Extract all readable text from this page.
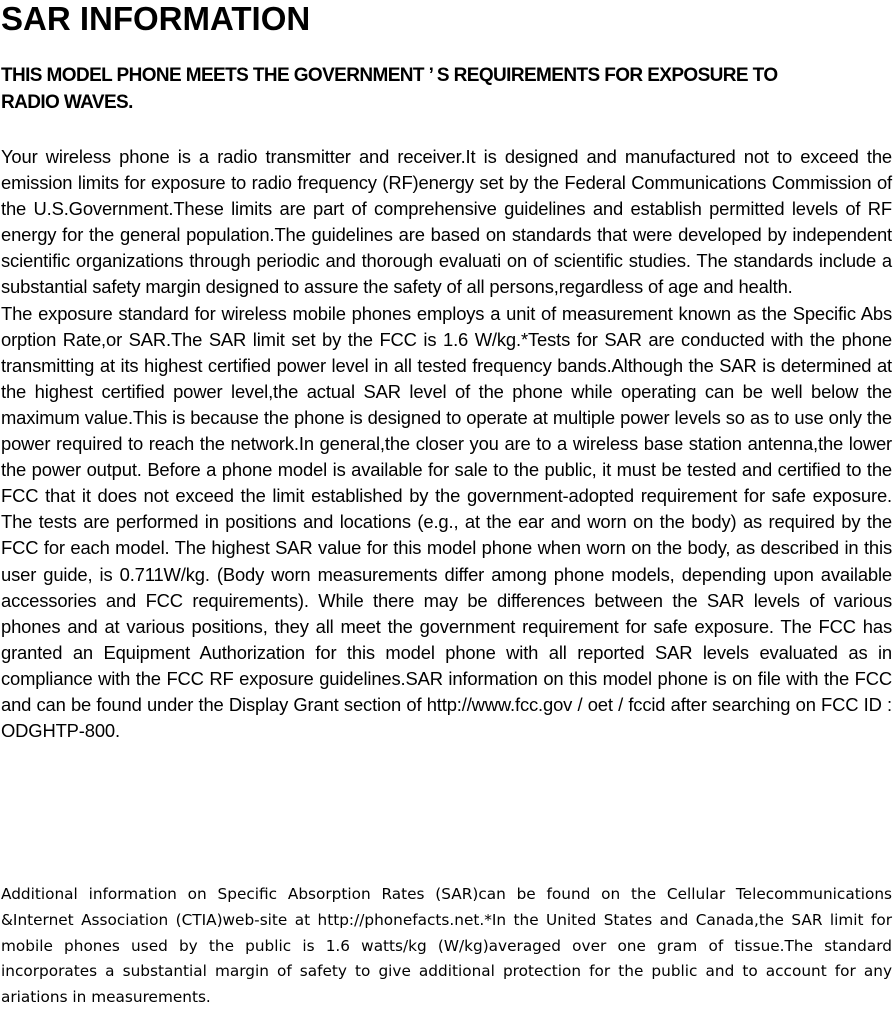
SAR INFORMATION
THIS MODEL PHONE MEETS THE GOVERNMENT ’ S REQUIREMENTS FOR EXPOSURE TO RADIO WAVES.

Your wireless phone is a radio transmitter and receiver.It is designed and manufactured not to exceed the emission limits for exposure to radio frequency (RF)energy set by the Federal Communications Commission of the U.S.Government.These limits are part of comprehensive guidelines and establish permitted levels of RF energy for the general population.The guidelines are based on standards that were developed by independent scientific organizations through periodic and thorough evaluati on of scientific studies. The standards include a substantial safety margin designed to assure the safety of all persons,regardless of age and health.

The exposure standard for wireless mobile phones employs a unit of measurement known as the Specific Abs orption Rate,or SAR.The SAR limit set by the FCC is 1.6 W/kg.*Tests for SAR are conducted with the phone transmitting at its highest certified power level in all tested frequency bands.Although the SAR is determined at the highest certified power level,the actual SAR level of the phone while operating can be well below the maximum value.This is because the phone is designed to operate at multiple power levels so as to use only the power required to reach the network.In general,the closer you are to a wireless base station antenna,the lower the power output. Before a phone model is available for sale to the public, it must be tested and certified to the FCC that it does not exceed the limit established by the government-adopted requirement for safe exposure. The tests are performed in positions and locations (e.g., at the ear and worn on the body) as required by the FCC for each model. The highest SAR value for this model phone when worn on the body, as described in this user guide, is 0.711W/kg. (Body worn measurements differ among phone models, depending upon available accessories and FCC requirements). While there may be differences between the SAR levels of various phones and at various positions, they all meet the government requirement for safe exposure. The FCC has granted an Equipment Authorization for this model phone with all reported SAR levels evaluated as in compliance with the FCC RF exposure guidelines.SAR information on this model phone is on file with the FCC and can be found under the Display Grant section of http://www.fcc.gov / oet / fccid after searching on FCC ID : ODGHTP-800.

Additional information on Specific Absorption Rates (SAR)can be found on the Cellular Telecommunications &Internet Association (CTIA)web-site at http://phonefacts.net.*In the United States and Canada,the SAR limit for mobile phones used by the public is 1.6 watts/kg (W/kg)averaged over one gram of tissue.The standard incorporates a substantial margin of safety to give additional protection for the public and to account for any ariations in measurements.
